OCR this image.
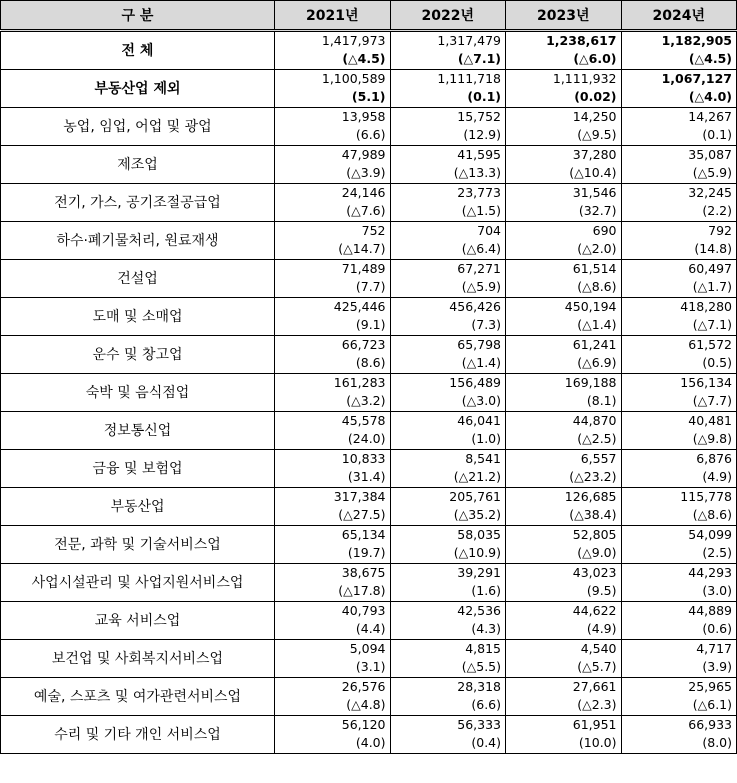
구 분	2021년	2022년	2023년	2024년
전 체	1,417,973	1,317,479	1,238,617	1,182,905
	(△4.5)	(△7.1)	(△6.0)	(△4.5)
부동산업 제외	1,100,589	1,111,718	1,111,932	1,067,127
	(5.1)	(0.1)	(0.02)	(△4.0)
농업, 임업, 어업 및 광업	13,958	15,752	14,250	14,267
	(6.6)	(12.9)	(△9.5)	(0.1)
제조업	47,989	41,595	37,280	35,087
	(△3.9)	(△13.3)	(△10.4)	(△5.9)
전기, 가스, 공기조절공급업	24,146	23,773	31,546	32,245
	(△7.6)	(△1.5)	(32.7)	(2.2)
하수·폐기물처리, 원료재생	752	704	690	792
	(△14.7)	(△6.4)	(△2.0)	(14.8)
건설업	71,489	67,271	61,514	60,497
	(7.7)	(△5.9)	(△8.6)	(△1.7)
도매 및 소매업	425,446	456,426	450,194	418,280
	(9.1)	(7.3)	(△1.4)	(△7.1)
운수 및 창고업	66,723	65,798	61,241	61,572
	(8.6)	(△1.4)	(△6.9)	(0.5)
숙박 및 음식점업	161,283	156,489	169,188	156,134
	(△3.2)	(△3.0)	(8.1)	(△7.7)
정보통신업	45,578	46,041	44,870	40,481
	(24.0)	(1.0)	(△2.5)	(△9.8)
금융 및 보험업	10,833	8,541	6,557	6,876
	(31.4)	(△21.2)	(△23.2)	(4.9)
부동산업	317,384	205,761	126,685	115,778
	(△27.5)	(△35.2)	(△38.4)	(△8.6)
전문, 과학 및 기술서비스업	65,134	58,035	52,805	54,099
	(19.7)	(△10.9)	(△9.0)	(2.5)
사업시설관리 및 사업지원서비스업	38,675	39,291	43,023	44,293
	(△17.8)	(1.6)	(9.5)	(3.0)
교육 서비스업	40,793	42,536	44,622	44,889
	(4.4)	(4.3)	(4.9)	(0.6)
보건업 및 사회복지서비스업	5,094	4,815	4,540	4,717
	(3.1)	(△5.5)	(△5.7)	(3.9)
예술, 스포츠 및 여가관련서비스업	26,576	28,318	27,661	25,965
	(△4.8)	(6.6)	(△2.3)	(△6.1)
수리 및 기타 개인 서비스업	56,120	56,333	61,951	66,933
	(4.0)	(0.4)	(10.0)	(8.0)
